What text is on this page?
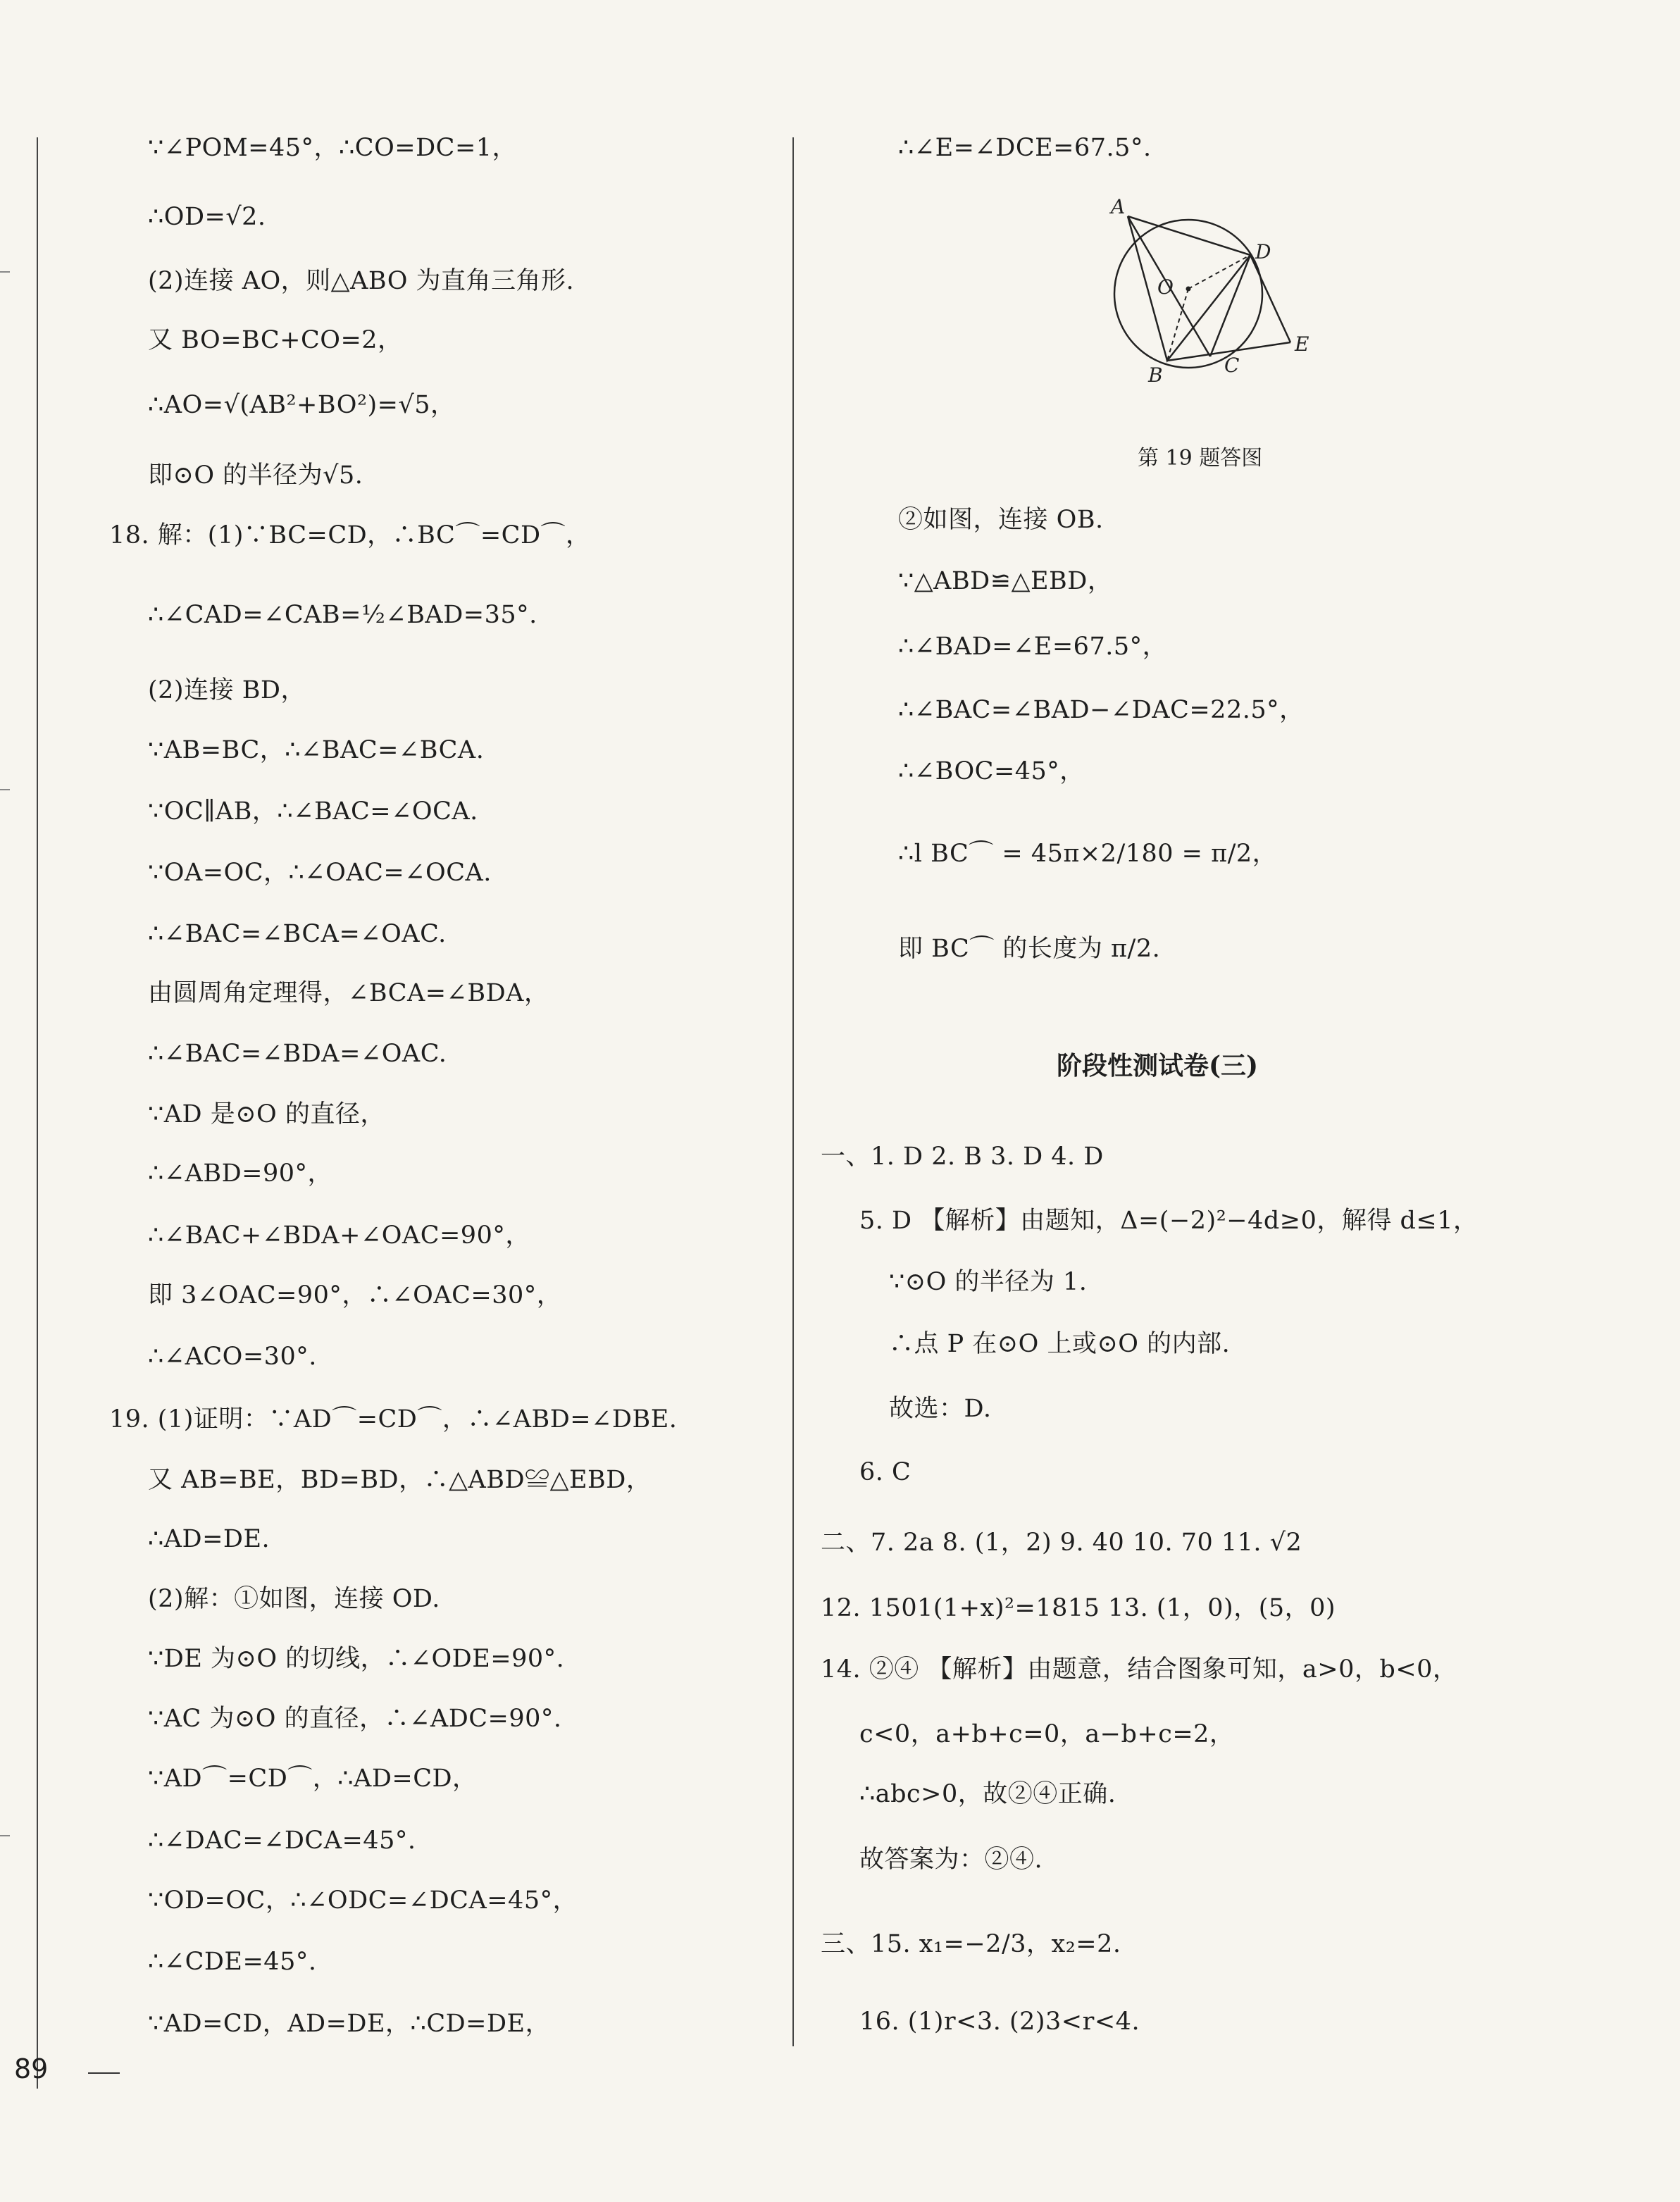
∵∠POM=45°，∴CO=DC=1，
∴OD=√2.
(2)连接 AO，则△ABO 为直角三角形.
又 BO=BC+CO=2，
∴AO=√(AB²+BO²)=√5，
即⊙O 的半径为√5.
18. 解：(1)∵BC=CD，∴BC⌒=CD⌒，
∴∠CAD=∠CAB=½∠BAD=35°.
(2)连接 BD，
∵AB=BC，∴∠BAC=∠BCA.
∵OC∥AB，∴∠BAC=∠OCA.
∵OA=OC，∴∠OAC=∠OCA.
∴∠BAC=∠BCA=∠OAC.
由圆周角定理得，∠BCA=∠BDA，
∴∠BAC=∠BDA=∠OAC.
∵AD 是⊙O 的直径，
∴∠ABD=90°，
∴∠BAC+∠BDA+∠OAC=90°，
即 3∠OAC=90°，∴∠OAC=30°，
∴∠ACO=30°.
19. (1)证明：∵AD⌒=CD⌒，∴∠ABD=∠DBE.
又 AB=BE，BD=BD，∴△ABD≌△EBD，
∴AD=DE.
(2)解：①如图，连接 OD.
∵DE 为⊙O 的切线，∴∠ODE=90°.
∵AC 为⊙O 的直径，∴∠ADC=90°.
∵AD⌒=CD⌒，∴AD=CD，
∴∠DAC=∠DCA=45°.
∵OD=OC，∴∠ODC=∠DCA=45°，
∴∠CDE=45°.
∵AD=CD，AD=DE，∴CD=DE，
∴∠E=∠DCE=67.5°.
A
D
O
B	C
E
第 19 题答图
②如图，连接 OB.
∵△ABD≌△EBD，
∴∠BAD=∠E=67.5°，
∴∠BAC=∠BAD−∠DAC=22.5°，
∴∠BOC=45°，
∴l BC⌒ = 45π×2/180 = π/2，
即 BC⌒ 的长度为 π/2.
阶段性测试卷(三)
一、1. D 2. B 3. D 4. D
5. D 【解析】由题知，Δ=(−2)²−4d≥0，解得 d≤1，
∵⊙O 的半径为 1.
∴点 P 在⊙O 上或⊙O 的内部.
故选：D.
6. C
二、7. 2a 8. (1，2) 9. 40 10. 70 11. √2
12. 1501(1+x)²=1815 13. (1，0)，(5，0)
14. ②④ 【解析】由题意，结合图象可知，a>0，b<0，
c<0，a+b+c=0，a−b+c=2，
∴abc>0，故②④正确.
故答案为：②④.
三、15. x₁=−2/3，x₂=2.
16. (1)r<3. (2)3<r<4.
89
